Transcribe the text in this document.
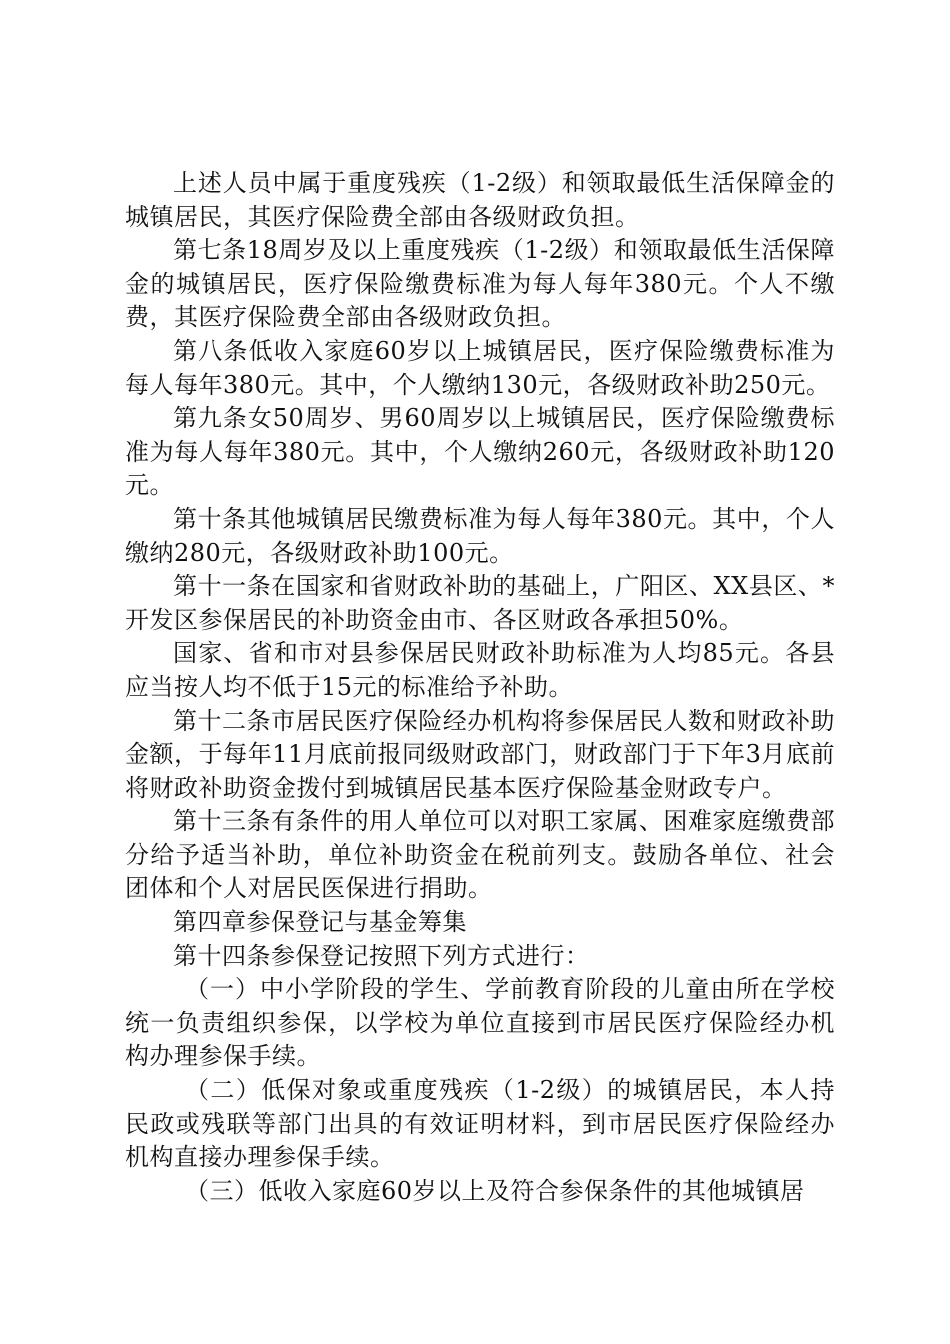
上述人员中属于重度残疾（1-2级）和领取最低生活保障金的城镇居民，其医疗保险费全部由各级财政负担。

第七条18周岁及以上重度残疾（1-2级）和领取最低生活保障金的城镇居民，医疗保险缴费标准为每人每年380元。个人不缴费，其医疗保险费全部由各级财政负担。

第八条低收入家庭60岁以上城镇居民，医疗保险缴费标准为每人每年380元。其中，个人缴纳130元，各级财政补助250元。

第九条女50周岁、男60周岁以上城镇居民，医疗保险缴费标准为每人每年380元。其中，个人缴纳260元，各级财政补助120元。

第十条其他城镇居民缴费标准为每人每年380元。其中，个人缴纳280元，各级财政补助100元。

第十一条在国家和省财政补助的基础上，广阳区、XX县区、*开发区参保居民的补助资金由市、各区财政各承担50%。

国家、省和市对县参保居民财政补助标准为人均85元。各县应当按人均不低于15元的标准给予补助。

第十二条市居民医疗保险经办机构将参保居民人数和财政补助金额，于每年11月底前报同级财政部门，财政部门于下年3月底前将财政补助资金拨付到城镇居民基本医疗保险基金财政专户。

第十三条有条件的用人单位可以对职工家属、困难家庭缴费部分给予适当补助，单位补助资金在税前列支。鼓励各单位、社会团体和个人对居民医保进行捐助。

第四章参保登记与基金筹集

第十四条参保登记按照下列方式进行：

（一）中小学阶段的学生、学前教育阶段的儿童由所在学校统一负责组织参保，以学校为单位直接到市居民医疗保险经办机构办理参保手续。

（二）低保对象或重度残疾（1-2级）的城镇居民，本人持民政或残联等部门出具的有效证明材料，到市居民医疗保险经办机构直接办理参保手续。

（三）低收入家庭60岁以上及符合参保条件的其他城镇居
